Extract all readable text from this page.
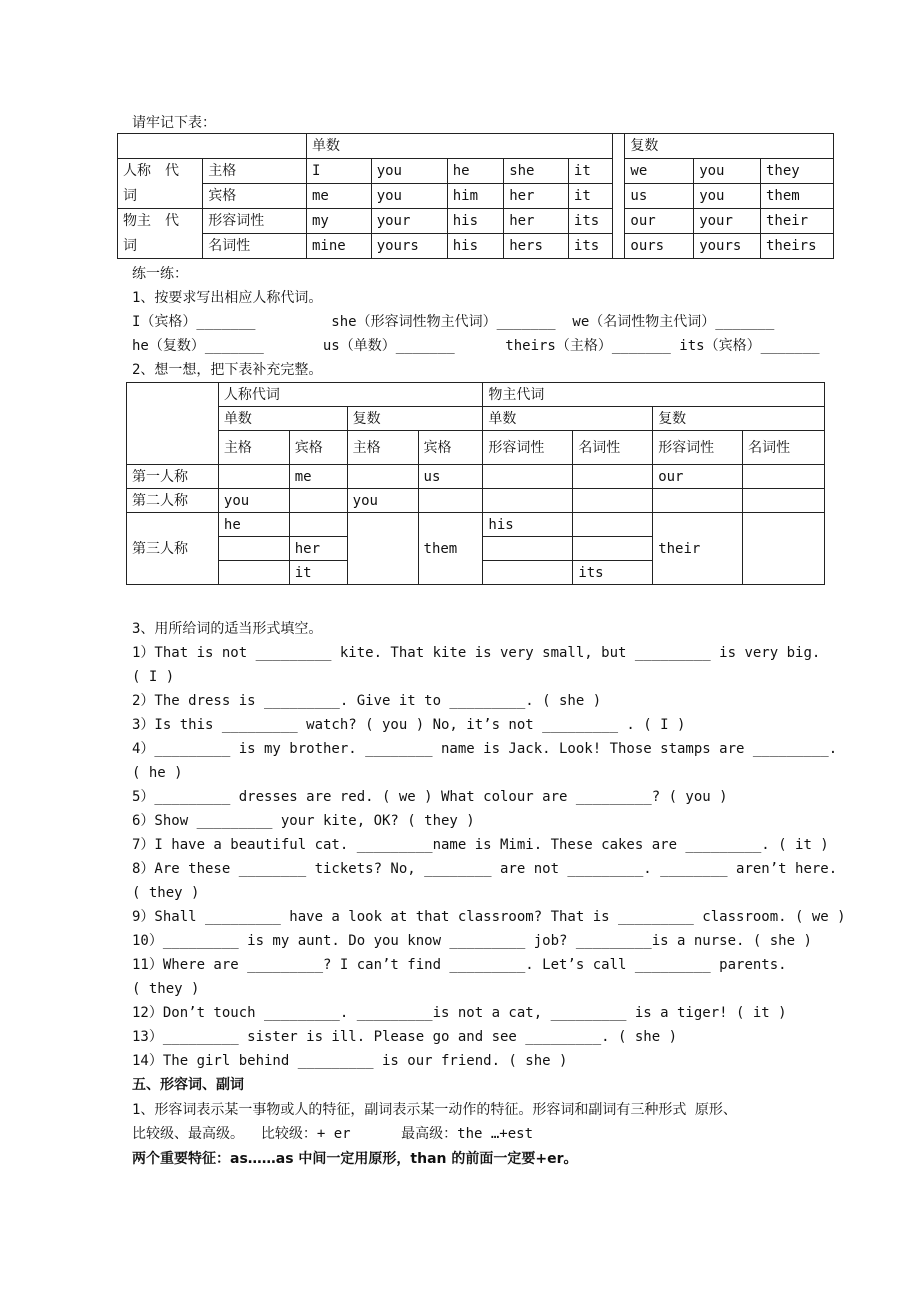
请牢记下表：
		单数						复数		
人称　代	主格	I	you	he	she	it		we	you	they
词	宾格	me	you	him	her	it		us	you	them
物主　代	形容词性	my	your	his	her	its		our	your	their
词	名词性	mine	yours	his	hers	its		ours	yours	theirs
练一练：
1、按要求写出相应人称代词。
I（宾格）_______         she（形容词性物主代词）_______  we（名词性物主代词）_______
he（复数）_______       us（单数）_______      theirs（主格）_______ its（宾格）_______
2、想一想，把下表补充完整。
	人称代词				物主代词			
	单数		复数		单数		复数	
	主格	宾格	主格	宾格	形容词性	名词性	形容词性	名词性
第一人称		me		us			our	
第二人称	you		you					
第三人称	he			them	his		their	
		her						
		it				its		
3、用所给词的适当形式填空。
1）That is not _________ kite. That kite is very small, but _________ is very big.
( I )
2）The dress is _________. Give it to _________. ( she )
3）Is this _________ watch? ( you ) No, it’s not _________ . ( I )
4）_________ is my brother. ________ name is Jack. Look! Those stamps are _________.
( he )
5）_________ dresses are red. ( we ) What colour are _________? ( you )
6）Show _________ your kite, OK? ( they )
7）I have a beautiful cat. _________name is Mimi. These cakes are _________. ( it )
8）Are these ________ tickets? No, ________ are not _________. ________ aren’t here.
( they )
9）Shall _________ have a look at that classroom? That is _________ classroom. ( we )
10）_________ is my aunt. Do you know _________ job? _________is a nurse. ( she )
11）Where are _________? I can’t find _________. Let’s call _________ parents.
( they )
12）Don’t touch _________. _________is not a cat, _________ is a tiger! ( it )
13）_________ sister is ill. Please go and see _________. ( she )
14）The girl behind _________ is our friend. ( she )
五、形容词、副词
1、形容词表示某一事物或人的特征，副词表示某一动作的特征。形容词和副词有三种形式 原形、
比较级、最高级。  比较级：+ er      最高级：the …+est
两个重要特征：as……as 中间一定用原形，than 的前面一定要+er。
